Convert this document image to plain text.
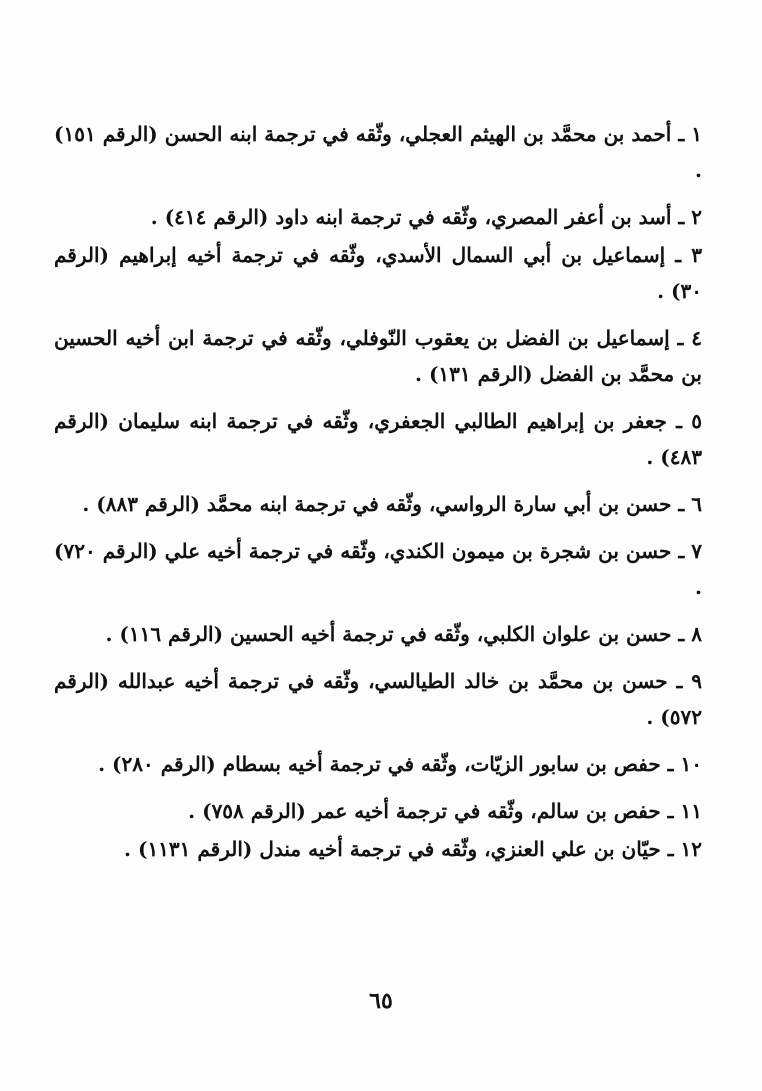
١ ـ أحمد بن محمَّد بن الهيثم العجلي، وثّقه في ترجمة ابنه الحسن (الرقم ١٥١) .

٢ ـ أسد بن أعفر المصري، وثّقه في ترجمة ابنه داود (الرقم ٤١٤) .

٣ ـ إسماعيل بن أبي السمال الأسدي، وثّقه في ترجمة أخيه إبراهيم (الرقم ٣٠) .

٤ ـ إسماعيل بن الفضل بن يعقوب النّوفلي، وثّقه في ترجمة ابن أخيه الحسين بن محمَّد بن الفضل (الرقم ١٣١) .

٥ ـ جعفر بن إبراهيم الطالبي الجعفري، وثّقه في ترجمة ابنه سليمان (الرقم ٤٨٣) .

٦ ـ حسن بن أبي سارة الرواسي، وثّقه في ترجمة ابنه محمَّد (الرقم ٨٨٣) .

٧ ـ حسن بن شجرة بن ميمون الكندي، وثّقه في ترجمة أخيه علي (الرقم ٧٢٠) .

٨ ـ حسن بن علوان الكلبي، وثّقه في ترجمة أخيه الحسين (الرقم ١١٦) .

٩ ـ حسن بن محمَّد بن خالد الطيالسي، وثّقه في ترجمة أخيه عبدالله (الرقم ٥٧٢) .

١٠ ـ حفص بن سابور الزيّات، وثّقه في ترجمة أخيه بسطام (الرقم ٢٨٠) .

١١ ـ حفص بن سالم، وثّقه في ترجمة أخيه عمر (الرقم ٧٥٨) .

١٢ ـ حيّان بن علي العنزي، وثّقه في ترجمة أخيه مندل (الرقم ١١٣١) .

٦٥
